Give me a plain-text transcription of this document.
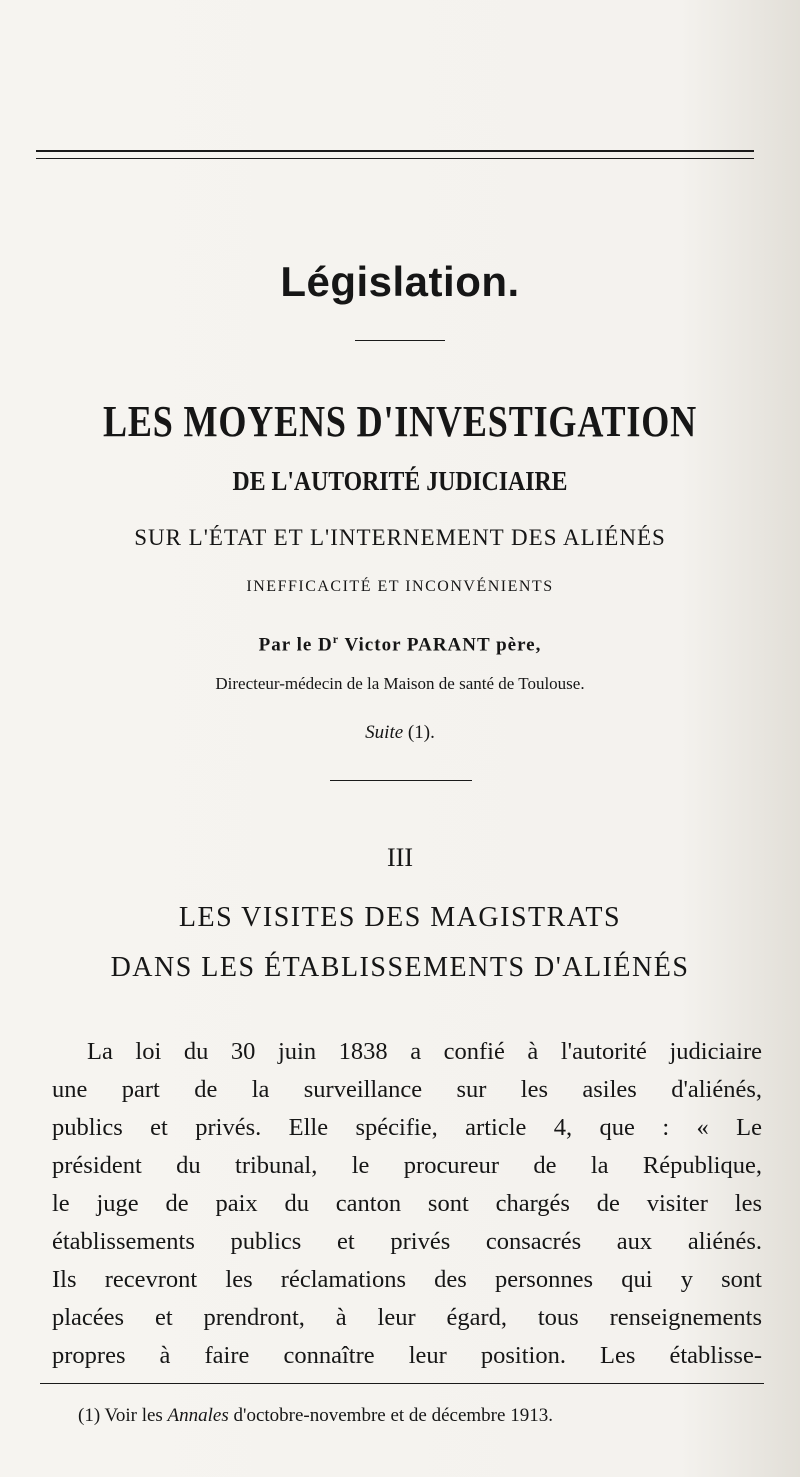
Législation.
LES MOYENS D'INVESTIGATION
DE L'AUTORITÉ JUDICIAIRE
SUR L'ÉTAT ET L'INTERNEMENT DES ALIÉNÉS
INEFFICACITÉ ET INCONVÉNIENTS
Par le $D^r$ Victor PARANT père,
Directeur-médecin de la Maison de santé de Toulouse.
Suite (1).
III
LES VISITES DES MAGISTRATS
DANS LES ÉTABLISSEMENTS D'ALIÉNÉS
La loi du 30 juin 1838 a confié à l'autorité judiciaire
une part de la surveillance sur les asiles d'aliénés,
publics et privés. Elle spécifie, article 4, que : « Le
président du tribunal, le procureur de la République,
le juge de paix du canton sont chargés de visiter les
établissements publics et privés consacrés aux aliénés.
Ils recevront les réclamations des personnes qui y sont
placées et prendront, à leur égard, tous renseignements
propres à faire connaître leur position. Les établisse-
(1) Voir les Annales d'octobre-novembre et de décembre 1913.
